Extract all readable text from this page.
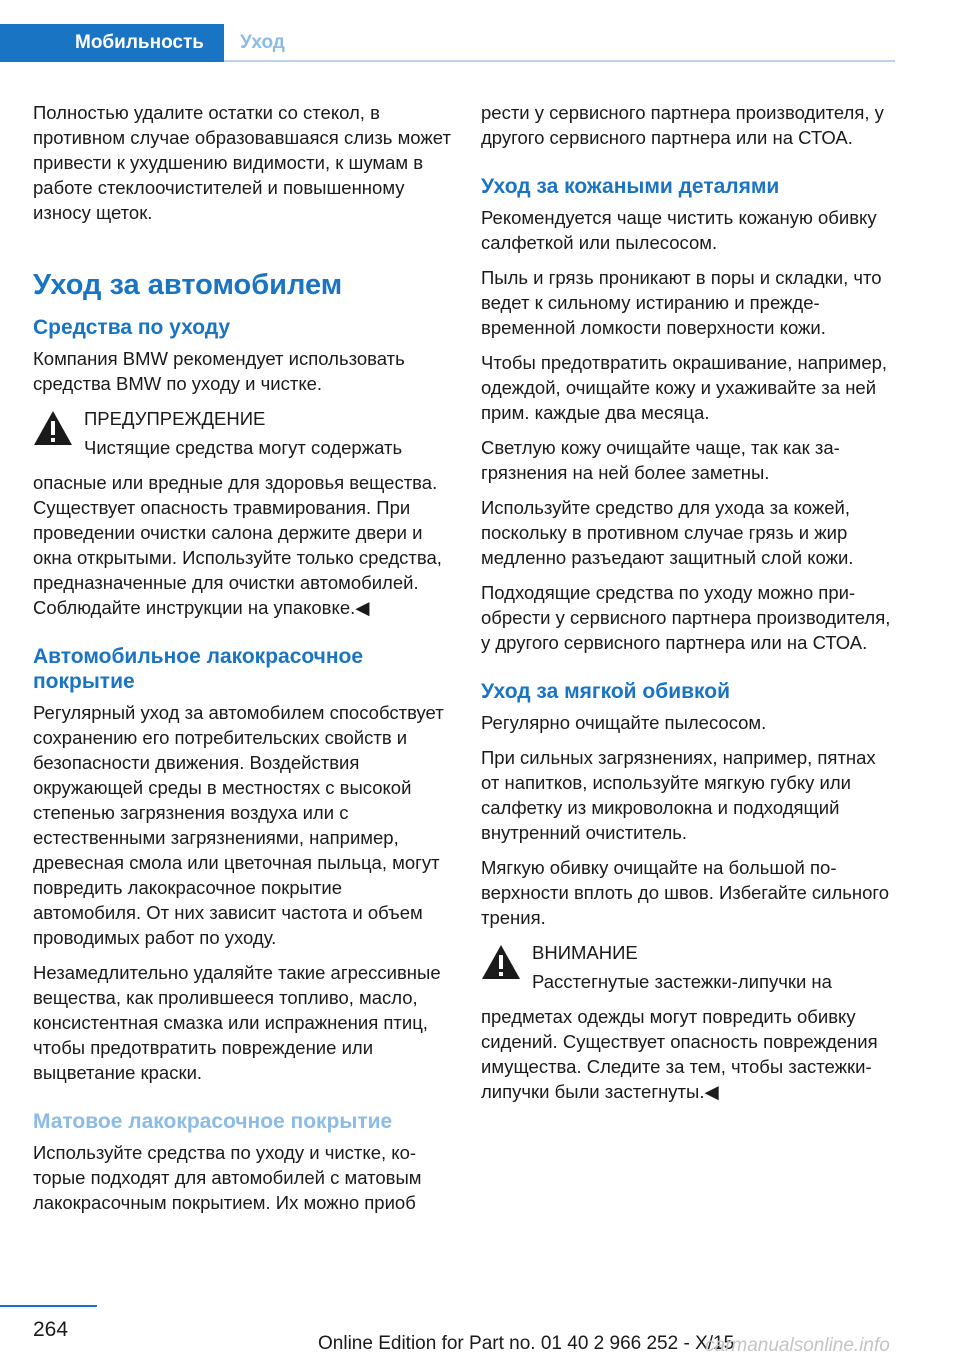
Мобильность	Уход

Полностью удалите остатки со стекол, в противном случае образовавшаяся слизь может привести к ухудшению видимости, к шумам в работе стеклоочистителей и повышенному износу щеток.

Уход за автомобилем
Средства по уходу

Компания BMW рекомендует использовать средства BMW по уходу и чистке.

ПРЕДУПРЕЖДЕНИЕ
Чистящие средства могут содержать
опасные или вредные для здоровья вещества. Существует опасность травмирования. При проведении очистки салона держите двери и окна открытыми. Используйте только средства, предназначенные для очистки автомобилей. Соблюдайте инструкции на упаковке.◀
Автомобильное лакокрасочное покрытие

Регулярный уход за автомобилем способствует сохранению его потребительских свойств и безопасности движения. Воздействия окружающей среды в местностях с высокой степенью загрязнения воздуха или с естественными загрязнениями, например, древесная смола или цветочная пыльца, могут повредить лакокрасочное покрытие автомобиля. От них зависит частота и объем проводимых работ по уходу.

Незамедлительно удаляйте такие агрессивные вещества, как пролившееся топливо, масло, консистентная смазка или испражнения птиц, чтобы предотвратить повреждение или выцветание краски.

Матовое лакокрасочное покрытие

Используйте средства по уходу и чистке, которые подходят для автомобилей с матовым лакокрасочным покрытием. Их можно приоб

рести у сервисного партнера производителя, у другого сервисного партнера или на СТОА.

Уход за кожаными деталями

Рекомендуется чаще чистить кожаную обивку салфеткой или пылесосом.

Пыль и грязь проникают в поры и складки, что ведет к сильному истиранию и преждевременной ломкости поверхности кожи.

Чтобы предотвратить окрашивание, например, одеждой, очищайте кожу и ухаживайте за ней прим. каждые два месяца.

Светлую кожу очищайте чаще, так как загрязнения на ней более заметны.

Используйте средство для ухода за кожей, поскольку в противном случае грязь и жир медленно разъедают защитный слой кожи.

Подходящие средства по уходу можно приобрести у сервисного партнера производителя, у другого сервисного партнера или на СТОА.

Уход за мягкой обивкой

Регулярно очищайте пылесосом.

При сильных загрязнениях, например, пятнах от напитков, используйте мягкую губку или салфетку из микроволокна и подходящий внутренний очиститель.

Мягкую обивку очищайте на большой поверхности вплоть до швов. Избегайте сильного трения.

ВНИМАНИЕ
Расстегнутые застежки-липучки на
предметах одежды могут повредить обивку сидений. Существует опасность повреждения имущества. Следите за тем, чтобы застежки-липучки были застегнуты.◀
264
Online Edition for Part no. 01 40 2 966 252 - X/15
carmanualsonline.info
